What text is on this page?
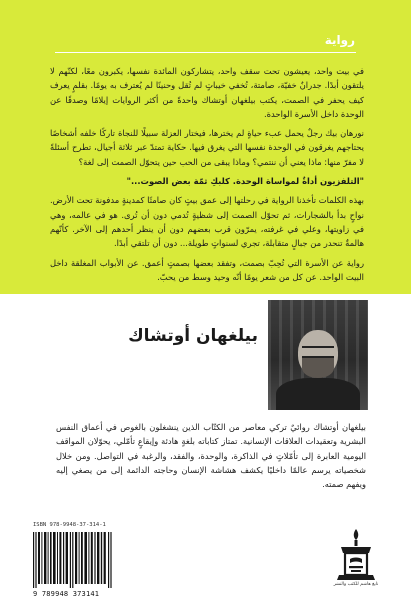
رواية

في بيت واحد، يعيشون تحت سقف واحد، يتشاركون المائدة نفسها، يكبرون معًا، لكنّهم لا يلتقون أبدًا. جدرانٌ خفيّة، صامتة، تُخفي خيباتٍ لم تُقل وحنينًا لم يُعترف به يومًا. بقلمٍ يعرف كيف يحفر في الصمت، يكتب بيلغهان أوتشاك واحدةً من أكثر الروايات إيلامًا وصدقًا عن الوحدة داخل الأسرة الواحدة.

نورهان بيك رجلٌ يحمل عبء حياةٍ لم يخترها، فيختار العزلة سبيلًا للنجاة تاركًا خلفه أشخاصًا يحتاجهم يغرقون في الوحدة نفسها التي يغرق فيها. حكاية تمتدّ عبر ثلاثة أجيال، تطرح أسئلةً لا مفرّ منها: ماذا يعني أن ننتمي؟ وماذا يبقى من الحب حين يتحوّل الصمت إلى لغة؟

"التلفزيون أداةٌ لمواساة الوحدة. كلبكِ ثمّة بعض الصوت..."

بهذه الكلمات تأخذنا الرواية في رحلتها إلى عمق بيتٍ كان صامتًا كمدينةٍ مدفونة تحت الأرض. نواحٍ بدأ بالشجارات، ثم تحوّل الصمت إلى شظيةٍ تُدمي دون أن تُرى. هو في عالمه، وهي في زاويتها، وعلي في غرفته، يمرّون قرب بعضهم دون أن ينظر أحدهم إلى الآخر. كأنّهم هالمةٌ تنحدر من جبالٍ متقابلة، تجري لسنواتٍ طويلة... دون أن تلتقي أبدًا.

رواية عن الأسرة التي تُحِبّ بصمت، وتفقد بعضها بصمتٍ أعمق. عن الأبواب المغلقة داخل البيت الواحد. عن كل من شعر يومًا أنّه وحيد وسط من يحبّ.

بيلغهان أوتشاك

بيلغهان أوتشاك روائيٌ تركي معاصر من الكتّاب الذين ينشغلون بالغوص في أعماق النفس البشرية وتعقيدات العلاقات الإنسانية. تمتاز كتاباته بلغةٍ هادئة وإيقاعٍ تأمّلي، يحوّلان المواقف اليومية العابرة إلى تأمّلاتٍ في الذاكرة، والوحدة، والفقد، والرغبة في التواصل. ومن خلال شخصياته يرسم عالمًا داخليًا يكشف هشاشة الإنسان وحاجته الدائمة إلى من يصغي إليه ويفهم صمته.

ISBN 978-9948-37-314-1
9 789948 373141
نابغ هاشم للكتب والنشر
